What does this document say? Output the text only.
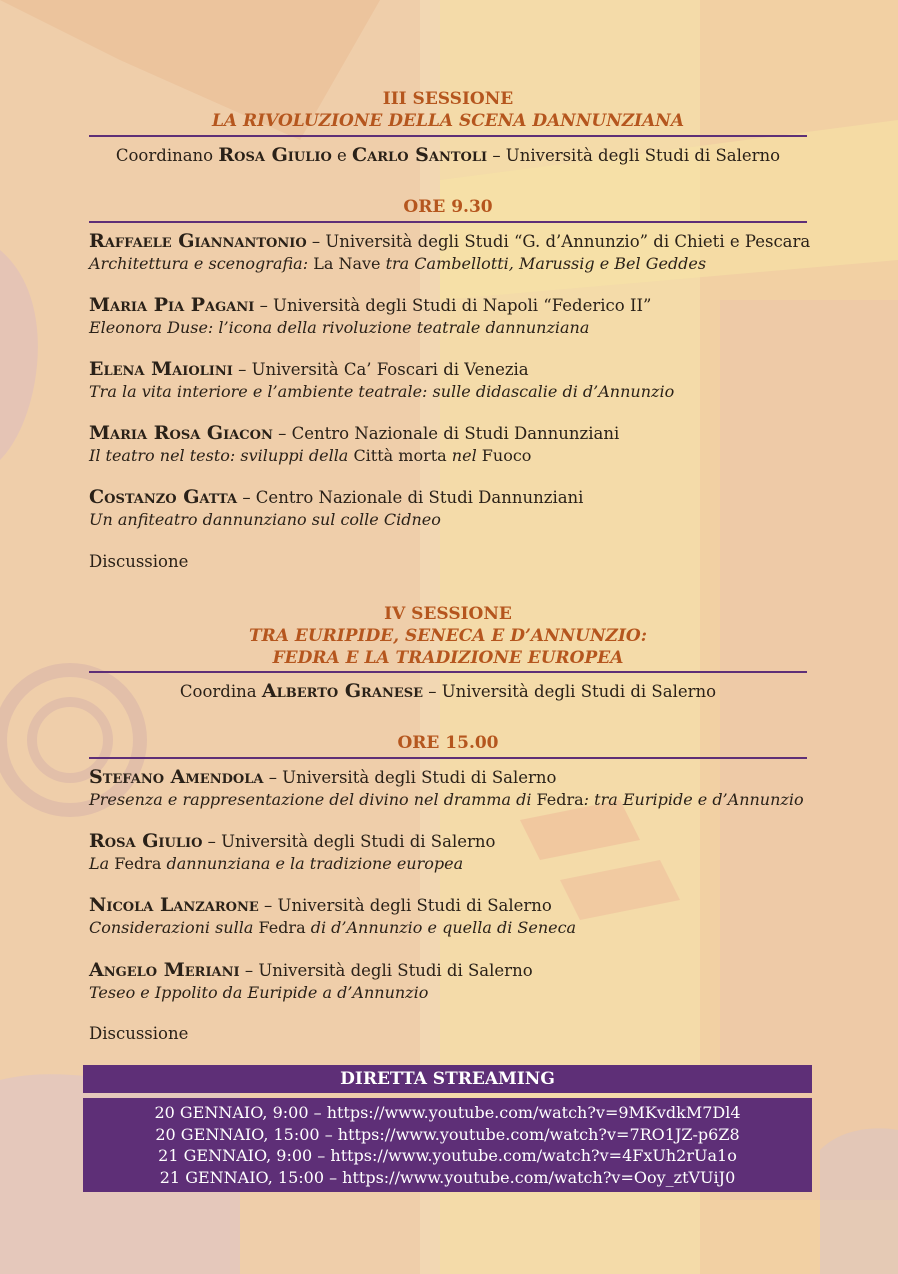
III SESSIONE
LA RIVOLUZIONE DELLA SCENA DANNUNZIANA
Coordinano Rosa Giulio e Carlo Santoli – Università degli Studi di Salerno
ORE 9.30
Raffaele Giannantonio – Università degli Studi “G. d’Annunzio” di Chieti e Pescara
Architettura e scenografia: La Nave tra Cambellotti, Marussig e Bel Geddes
Maria Pia Pagani – Università degli Studi di Napoli “Federico II”
Eleonora Duse: l’icona della rivoluzione teatrale dannunziana
Elena Maiolini – Università Ca’ Foscari di Venezia
Tra la vita interiore e l’ambiente teatrale: sulle didascalie di d’Annunzio
Maria Rosa Giacon – Centro Nazionale di Studi Dannunziani
Il teatro nel testo: sviluppi della Città morta nel Fuoco
Costanzo Gatta – Centro Nazionale di Studi Dannunziani
Un anfiteatro dannunziano sul colle Cidneo
Discussione
IV SESSIONE
TRA EURIPIDE, SENECA E D’ANNUNZIO:
FEDRA E LA TRADIZIONE EUROPEA
Coordina Alberto Granese – Università degli Studi di Salerno
ORE 15.00
Stefano Amendola – Università degli Studi di Salerno
Presenza e rappresentazione del divino nel dramma di Fedra: tra Euripide e d’Annunzio
Rosa Giulio – Università degli Studi di Salerno
La Fedra dannunziana e la tradizione europea
Nicola Lanzarone – Università degli Studi di Salerno
Considerazioni sulla Fedra di d’Annunzio e quella di Seneca
Angelo Meriani – Università degli Studi di Salerno
Teseo e Ippolito da Euripide a d’Annunzio
Discussione
DIRETTA STREAMING
20 GENNAIO, 9:00 – https://www.youtube.com/watch?v=9MKvdkM7Dl4
20 GENNAIO, 15:00 – https://www.youtube.com/watch?v=7RO1JZ-p6Z8
21 GENNAIO, 9:00 – https://www.youtube.com/watch?v=4FxUh2rUa1o
21 GENNAIO, 15:00 – https://www.youtube.com/watch?v=Ooy_ztVUiJ0
